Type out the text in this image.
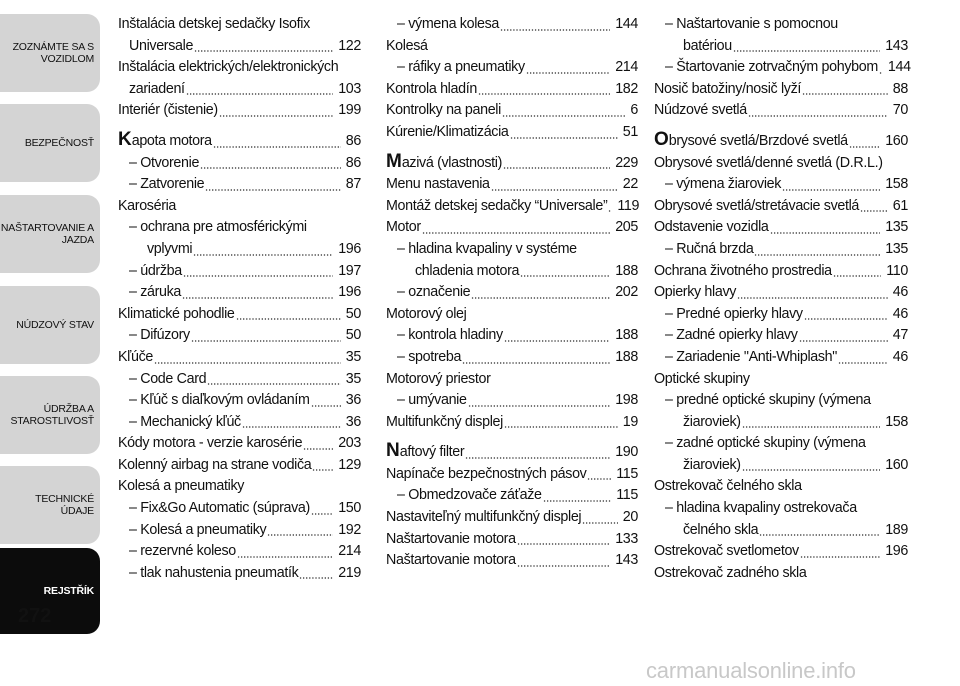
ZOZNÁMTE SA S
VOZIDLOM
BEZPEČNOSŤ
NAŠTARTOVANIE A
JAZDA
NÚDZOVÝ STAV
ÚDRŽBA A
STAROSTLIVOSŤ
TECHNICKÉ ÚDAJE
REJSTŘÍK
272
Inštalácia detskej sedačky Isofix
Universale	122
Inštalácia elektrických/elektronických
zariadení	103
Interiér (čistenie)	199
Kapota motora	86
– Otvorenie	86
– Zatvorenie	87
Karoséria
– ochrana pre atmosférickými
vplyvmi	196
– údržba	197
– záruka	196
Klimatické pohodlie	50
– Difúzory	50
Kľúče	35
– Code Card	35
– Kľúč s diaľkovým ovládaním	36
– Mechanický kľúč	36
Kódy motora - verzie karosérie	203
Kolenný airbag na strane vodiča 129
Kolesá a pneumatiky
– Fix&Go Automatic (súprava) 150
– Kolesá a pneumatiky	192
– rezervné koleso	214
– tlak nahustenia pneumatík	219
– výmena kolesa	144
Kolesá
– ráfiky a pneumatiky	214
Kontrola hladín	182
Kontrolky na paneli	6
Kúrenie/Klimatizácia	51
Mazivá (vlastnosti)	229
Menu nastavenia	22
Montáž detskej sedačky “Universale” 119
Motor	205
– hladina kvapaliny v systéme
chladenia motora	188
– označenie	202
Motorový olej
– kontrola hladiny	188
– spotreba	188
Motorový priestor
– umývanie	198
Multifunkčný displej	19
Naftový filter	190
Napínače bezpečnostných pásov 115
– Obmedzovače záťaže	115
Nastaviteľný multifunkčný displej	20
Naštartovanie motora	133
Naštartovanie motora	143
– Naštartovanie s pomocnou
batériou	143
– Štartovanie zotrvačným pohybom 144
Nosič batožiny/nosič lyží	88
Núdzové svetlá	70
Obrysové svetlá/Brzdové svetlá	160
Obrysové svetlá/denné svetlá (D.R.L.)
– výmena žiaroviek	158
Obrysové svetlá/stretávacie svetlá 61
Odstavenie vozidla	135
– Ručná brzda	135
Ochrana životného prostredia	110
Opierky hlavy	46
– Predné opierky hlavy	46
– Zadné opierky hlavy	47
– Zariadenie "Anti-Whiplash"	46
Optické skupiny
– predné optické skupiny (výmena
žiaroviek)	158
– zadné optické skupiny (výmena
žiaroviek)	160
Ostrekovač čelného skla
– hladina kvapaliny ostrekovača
čelného skla	189
Ostrekovač svetlometov	196
Ostrekovač zadného skla
carmanualsonline.info
